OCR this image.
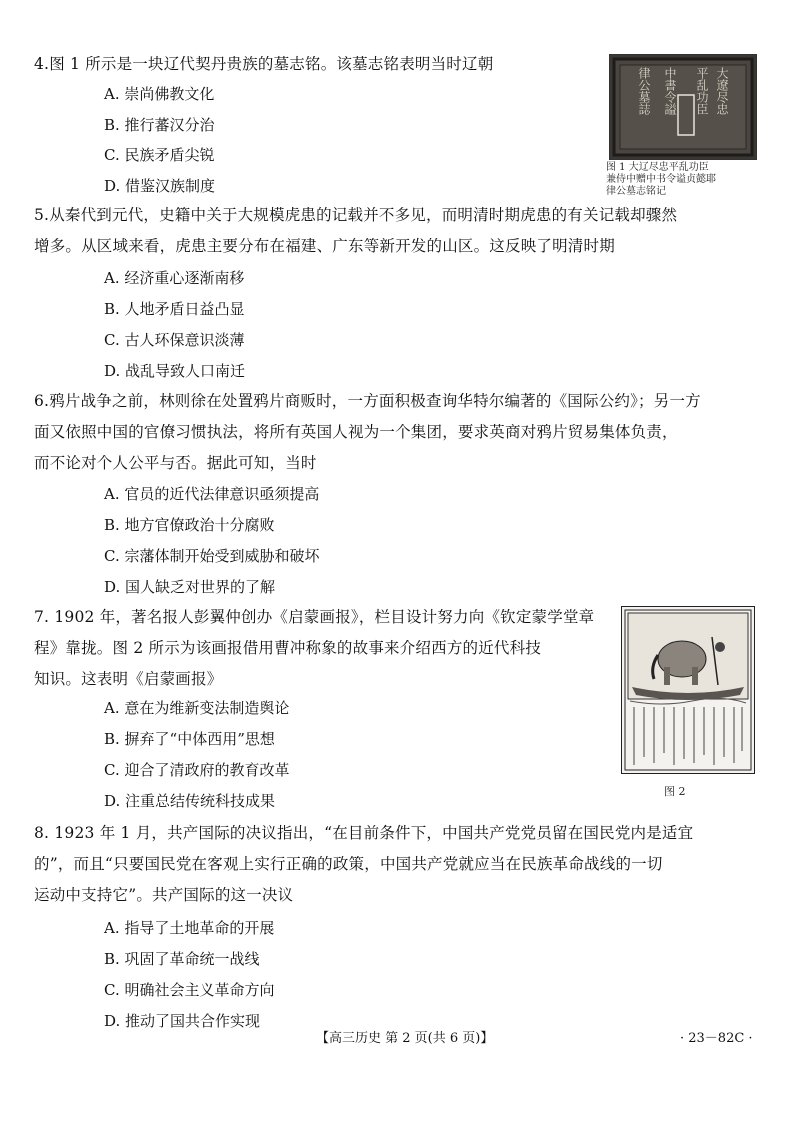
4.图 1 所示是一块辽代契丹贵族的墓志铭。该墓志铭表明当时辽朝
A. 崇尚佛教文化
B. 推行蕃汉分治
C. 民族矛盾尖锐
D. 借鉴汉族制度
大遼尽忠
平乱功臣
中書令謚
律公墓誌
图 1 大辽尽忠平乱功臣
兼侍中赠中书令谥贞懿耶
律公墓志铭记
5.从秦代到元代，史籍中关于大规模虎患的记载并不多见，而明清时期虎患的有关记载却骤然
增多。从区域来看，虎患主要分布在福建、广东等新开发的山区。这反映了明清时期
A. 经济重心逐渐南移
B. 人地矛盾日益凸显
C. 古人环保意识淡薄
D. 战乱导致人口南迁
6.鸦片战争之前，林则徐在处置鸦片商贩时，一方面积极查询华特尔编著的《国际公约》；另一方
面又依照中国的官僚习惯执法，将所有英国人视为一个集团，要求英商对鸦片贸易集体负责，
而不论对个人公平与否。据此可知，当时
A. 官员的近代法律意识亟须提高
B. 地方官僚政治十分腐败
C. 宗藩体制开始受到威胁和破坏
D. 国人缺乏对世界的了解
7. 1902 年，著名报人彭翼仲创办《启蒙画报》，栏目设计努力向《钦定蒙学堂章
程》靠拢。图 2 所示为该画报借用曹冲称象的故事来介绍西方的近代科技
知识。这表明《启蒙画报》
A. 意在为维新变法制造舆论
B. 摒弃了“中体西用”思想
C. 迎合了清政府的教育改革
D. 注重总结传统科技成果
图 2
8. 1923 年 1 月，共产国际的决议指出，“在目前条件下，中国共产党党员留在国民党内是适宜
的”，而且“只要国民党在客观上实行正确的政策，中国共产党就应当在民族革命战线的一切
运动中支持它”。共产国际的这一决议
A. 指导了土地革命的开展
B. 巩固了革命统一战线
C. 明确社会主义革命方向
D. 推动了国共合作实现
【高三历史 第 2 页(共 6 页)】	· 23－82C ·
